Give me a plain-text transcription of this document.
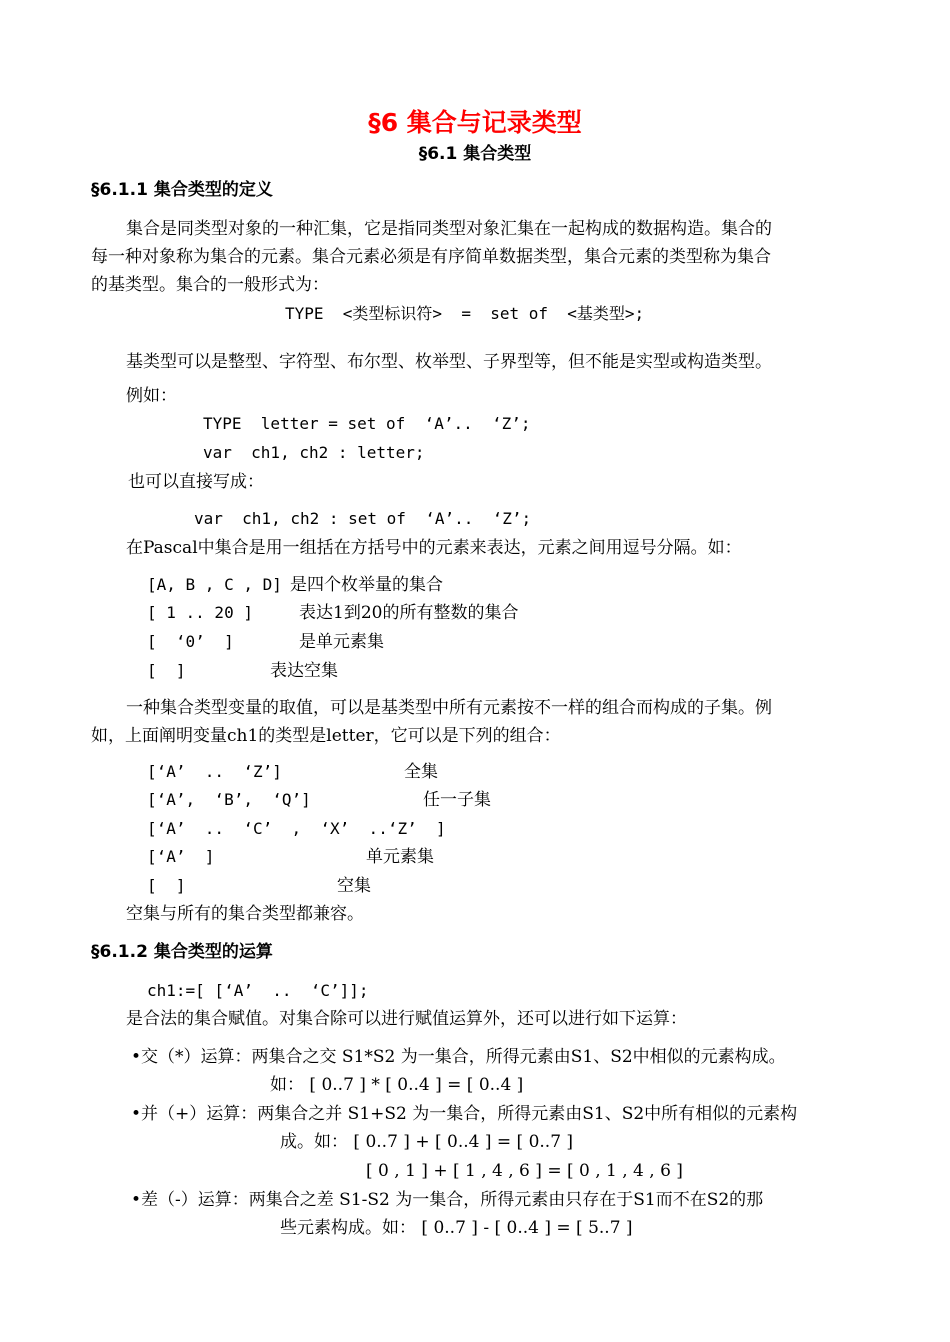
§6 集合与记录类型
§6.1 集合类型
§6.1.1 集合类型的定义
集合是同类型对象的一种汇集，它是指同类型对象汇集在一起构成的数据构造。集合的
每一种对象称为集合的元素。集合元素必须是有序简单数据类型，集合元素的类型称为集合
的基类型。集合的一般形式为：
TYPE  <类型标识符>  =  set of  <基类型>;
基类型可以是整型、字符型、布尔型、枚举型、子界型等，但不能是实型或构造类型。
例如：
TYPE  letter = set of  ‘A’..  ‘Z’;
var  ch1, ch2 : letter;
也可以直接写成：
var  ch1, ch2 : set of  ‘A’..  ‘Z’;
在Pascal中集合是用一组括在方括号中的元素来表达，元素之间用逗号分隔。如：
[A, B , C , D] 是四个枚举量的集合
[ 1 .. 20 ]	表达1到20的所有整数的集合
[  ‘0’  ]	是单元素集
[  ]	表达空集
一种集合类型变量的取值，可以是基类型中所有元素按不一样的组合而构成的子集。例
如，上面阐明变量ch1的类型是letter，它可以是下列的组合：
[‘A’  ..  ‘Z’]	全集
[‘A’,  ‘B’,  ‘Q’]	任一子集
[‘A’  ..  ‘C’  ,  ‘X’  ..‘Z’  ]
[‘A’  ]	单元素集
[  ]	空集
空集与所有的集合类型都兼容。
§6.1.2 集合类型的运算
ch1:=[ [‘A’  ..  ‘C’]];
是合法的集合赋值。对集合除可以进行赋值运算外，还可以进行如下运算：
•交（*）运算：两集合之交 S1*S2 为一集合，所得元素由S1、S2中相似的元素构成。
如： [ 0..7 ] * [ 0..4 ] = [ 0..4 ]
•并（+）运算：两集合之并 S1+S2 为一集合，所得元素由S1、S2中所有相似的元素构
成。如： [ 0..7 ] + [ 0..4 ] = [ 0..7 ]
[ 0 , 1 ] + [ 1 , 4 , 6 ] = [ 0 , 1 , 4 , 6 ]
•差（-）运算：两集合之差 S1-S2 为一集合，所得元素由只存在于S1而不在S2的那
些元素构成。如： [ 0..7 ] - [ 0..4 ] = [ 5..7 ]
